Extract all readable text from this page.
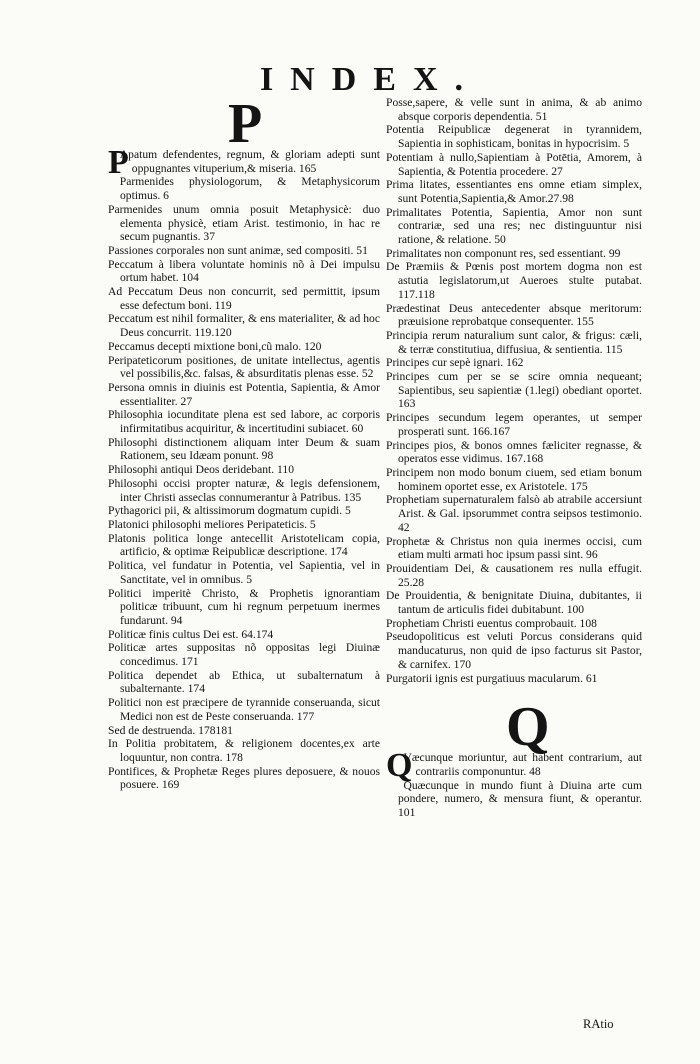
INDEX.
P

PApatum defendentes, regnum, & gloriam adepti sunt oppugnantes vituperium,& miseria. 165

Parmenides physiologorum, & Metaphysicorum optimus. 6

Parmenides unum omnia posuit Metaphysicè: duo elementa physicè, etiam Arist. testimonio, in hac re secum pugnantis. 37

Passiones corporales non sunt animæ, sed compositi. 51

Peccatum à libera voluntate hominis nõ à Dei impulsu ortum habet. 104

Ad Peccatum Deus non concurrit, sed permittit, ipsum esse defectum boni. 119

Peccatum est nihil formaliter, & ens materialiter, & ad hoc Deus concurrit. 119.120

Peccamus decepti mixtione boni,cũ malo. 120

Peripateticorum positiones, de unitate intellectus, agentis vel possibilis,&c. falsas, & absurditatis plenas esse. 52

Persona omnis in diuinis est Potentia, Sapientia, & Amor essentialiter. 27

Philosophia iocunditate plena est sed labore, ac corporis infirmitatibus acquiritur, & incertitudini subiacet. 60

Philosophi distinctionem aliquam inter Deum & suam Rationem, seu Idæam ponunt. 98

Philosophi antiqui Deos deridebant. 110

Philosophi occisi propter naturæ, & legis defensionem, inter Christi asseclas connumerantur à Patribus. 135

Pythagorici pii, & altissimorum dogmatum cupidi. 5

Platonici philosophi meliores Peripateticis. 5

Platonis politica longe antecellit Aristotelicam copia, artificio, & optimæ Reipublicæ descriptione. 174

Politica, vel fundatur in Potentia, vel Sapientia, vel in Sanctitate, vel in omnibus. 5

Politici imperitè Christo, & Prophetis ignorantiam politicæ tribuunt, cum hi regnum perpetuum inermes fundarunt. 94

Politicæ finis cultus Dei est. 64.174

Politicæ artes suppositas nõ oppositas legi Diuinæ concedimus. 171

Politica dependet ab Ethica, ut subalternatum à subalternante. 174

Politici non est præcipere de tyrannide conseruanda, sicut Medici non est de Peste conseruanda. 177

Sed de destruenda. 178181

In Politia probitatem, & religionem docentes,ex arte loquuntur, non contra. 178

Pontifices, & Prophetæ Reges plures deposuere, & nouos posuere. 169

Posse,sapere, & velle sunt in anima, & ab animo absque corporis dependentia. 51

Potentia Reipublicæ degenerat in tyrannidem, Sapientia in sophisticam, bonitas in hypocrisim. 5

Potentiam à nullo,Sapientiam à Potētia, Amorem, à Sapientia, & Potentia procedere. 27

Prima litates, essentiantes ens omne etiam simplex, sunt Potentia,Sapientia,& Amor.27.98

Primalitates Potentia, Sapientia, Amor non sunt contrariæ, sed una res; nec distinguuntur nisi ratione, & relatione. 50

Primalitates non componunt res, sed essentiant. 99

De Præmiis & Pœnis post mortem dogma non est astutia legislatorum,ut Aueroes stulte putabat. 117.118

Prædestinat Deus antecedenter absque meritorum: præuisione reprobatque consequenter. 155

Principia rerum naturalium sunt calor, & frigus: cæli, & terræ constitutiua, diffusiua, & sentientia. 115

Principes cur sepè ignari. 162

Principes cum per se se scire omnia nequeant; Sapientibus, seu sapientiæ (1.legi) obediant oportet. 163

Principes secundum legem operantes, ut semper prosperati sunt. 166.167

Principes pios, & bonos omnes fæliciter regnasse, & operatos esse vidimus. 167.168

Principem non modo bonum ciuem, sed etiam bonum hominem oportet esse, ex Aristotele. 175

Prophetiam supernaturalem falsò ab atrabile accersiunt Arist. & Gal. ipsorummet contra seipsos testimonio. 42

Prophetæ & Christus non quia inermes occisi, cum etiam multi armati hoc ipsum passi sint. 96

Prouidentiam Dei, & causationem res nulla effugit. 25.28

De Prouidentia, & benignitate Diuina, dubitantes, ii tantum de articulis fidei dubitabunt. 100

Prophetiam Christi euentus comprobauit. 108

Pseudopoliticus est veluti Porcus considerans quid manducaturus, non quid de ipso facturus sit Pastor, & carnifex. 170

Purgatorii ignis est purgatiuus macularum. 61

Q

QVæcunque moriuntur, aut habent contrarium, aut contrariis componuntur. 48

Quæcunque in mundo fiunt à Diuina arte cum pondere, numero, & mensura fiunt, & operantur. 101

RAtio
